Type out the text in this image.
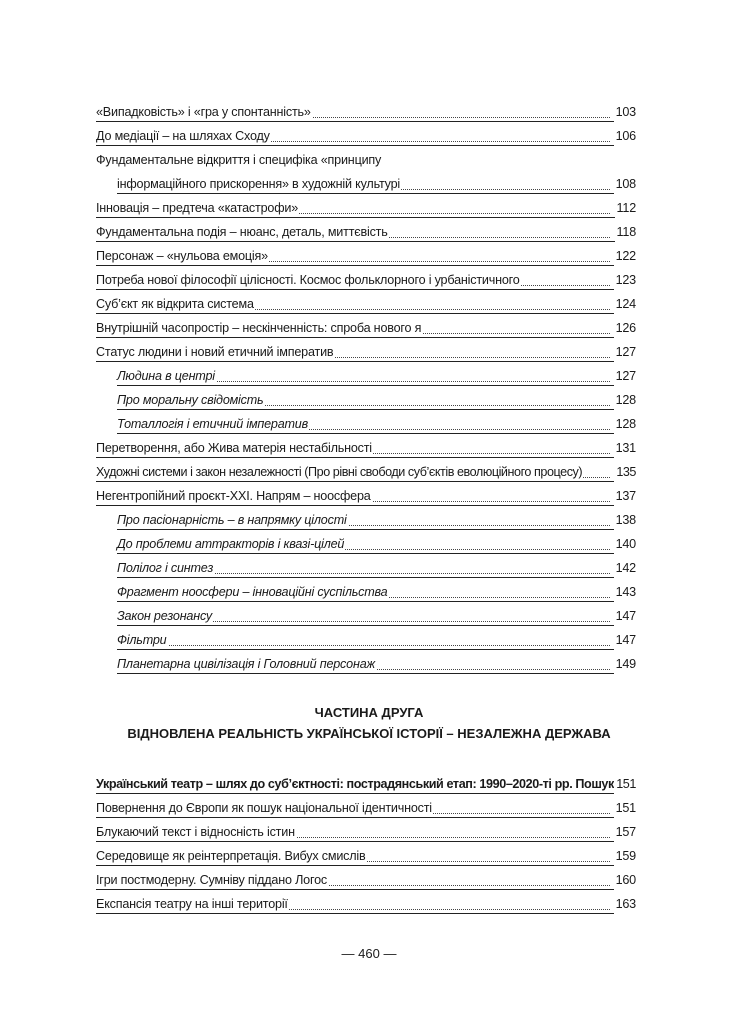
«Випадковість» і «гра у спонтанність»	103
До медіації – на шляхах Сходу	106
Фундаментальне відкриття і специфіка «принципу
інформаційного прискорення» в художній культурі	108
Інновація – предтеча «катастрофи»	112
Фундаментальна подія – нюанс, деталь, миттєвість	118
Персонаж – «нульова емоція»	122
Потреба нової філософії цілісності. Космос фольклорного і урбаністичного	123
Суб’єкт як відкрита система	124
Внутрішній часопростір – нескінченність: спроба нового я	126
Статус людини і новий етичний імператив	127
Людина в центрі	127
Про моральну свідомість	128
Тоталлогія і етичний імператив	128
Перетворення, або Жива матерія нестабільності	131
Художні системи і закон незалежності (Про рівні свободи суб’єктів еволюційного процесу)	135
Негентропійний проєкт-ХХІ. Напрям – ноосфера	137
Про пасіонарність – в напрямку цілості	138
До проблеми аттракторів і квазі-цілей	140
Полілог і синтез	142
Фрагмент ноосфери – інноваційні суспільства	143
Закон резонансу	147
Фільтри	147
Планетарна цивілізація і Головний персонаж	149
ЧАСТИНА ДРУГА
ВІДНОВЛЕНА РЕАЛЬНІСТЬ УКРАЇНСЬКОЇ ІСТОРІЇ – НЕЗАЛЕЖНА ДЕРЖАВА
Український театр – шлях до суб’єктності: пострадянський етап: 1990–2020-ті рр. Пошук 151
Повернення до Європи як пошук національної ідентичності	151
Блукаючий текст і відносність істин	157
Середовище як реінтерпретація. Вибух смислів	159
Ігри постмодерну. Сумніву піддано Логос	160
Експансія театру на інші території	163
— 460 —
